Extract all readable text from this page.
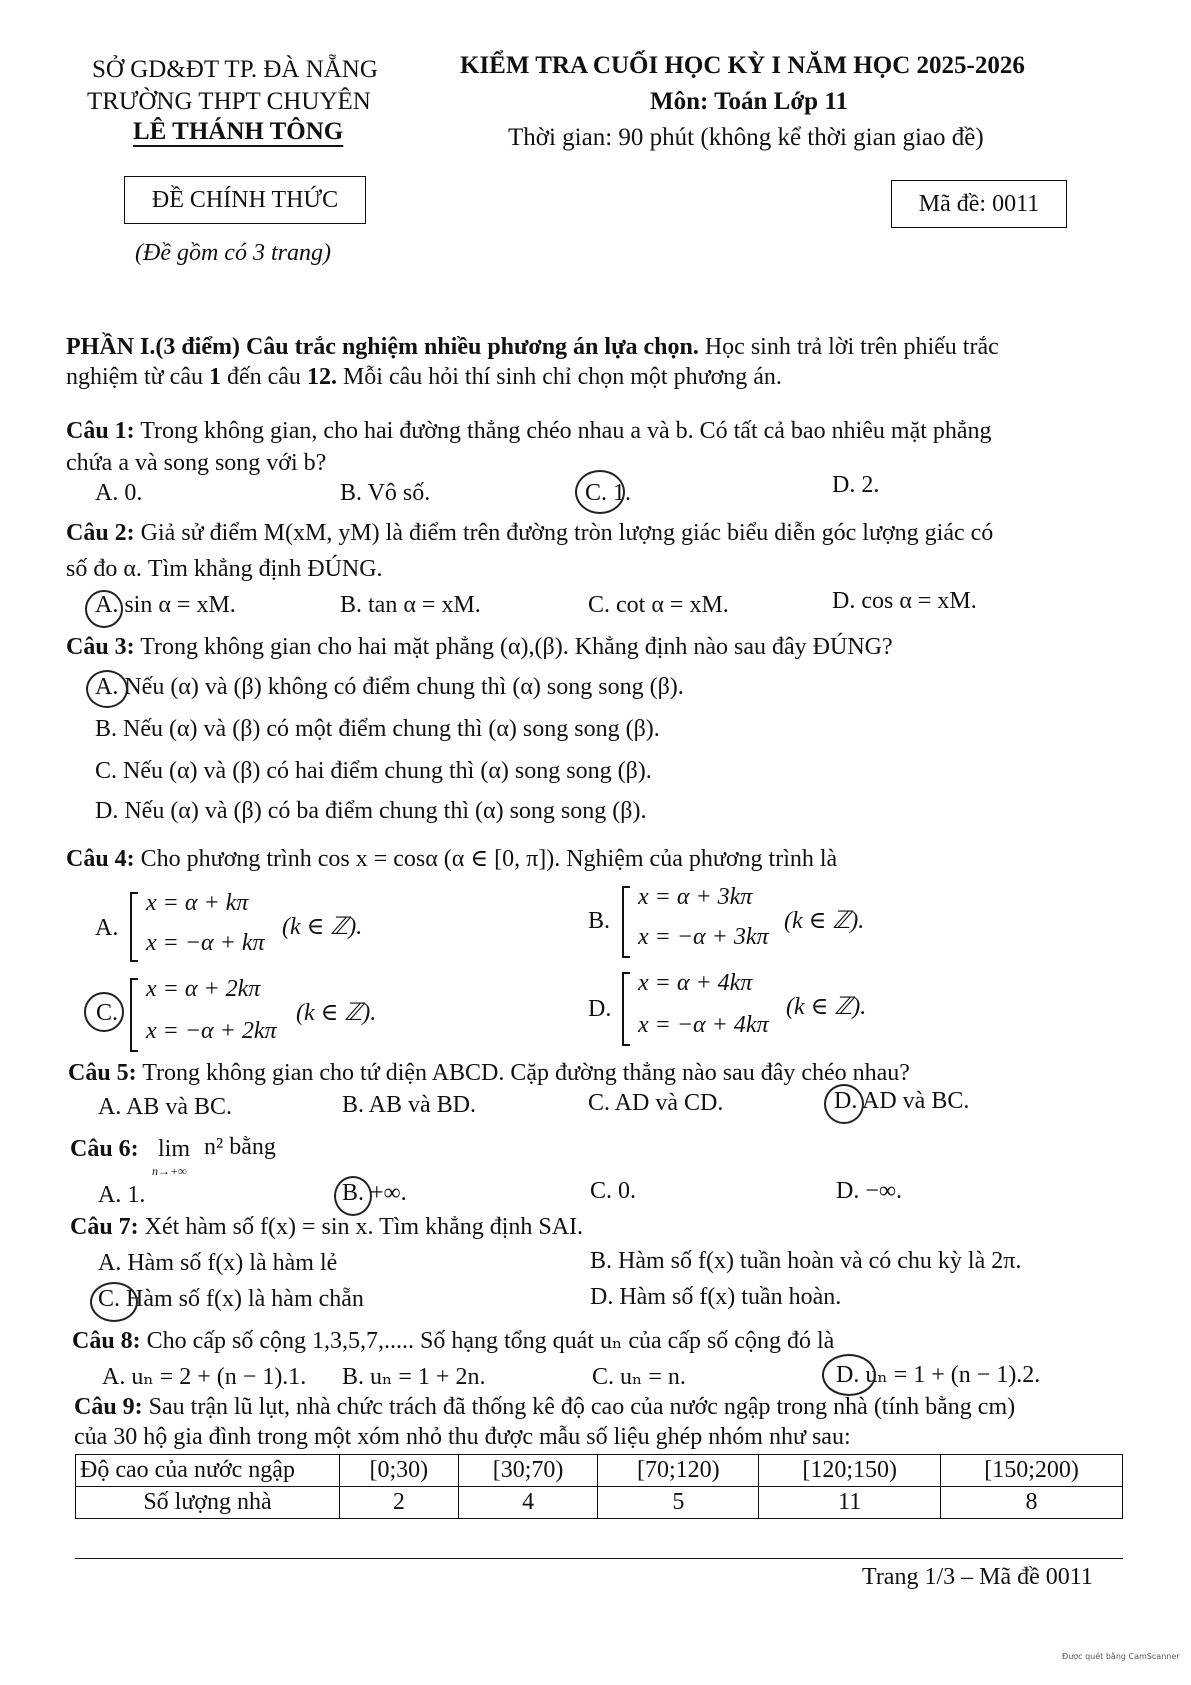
SỞ GD&ĐT TP. ĐÀ NẴNG
TRƯỜNG THPT CHUYÊN
LÊ THÁNH TÔNG
KIỂM TRA CUỐI HỌC KỲ I NĂM HỌC 2025-2026
Môn: Toán Lớp 11
Thời gian: 90 phút (không kể thời gian giao đề)
ĐỀ CHÍNH THỨC	Mã đề: 0011
(Đề gồm có 3 trang)
PHẦN I.(3 điểm) Câu trắc nghiệm nhiều phương án lựa chọn. Học sinh trả lời trên phiếu trắc
nghiệm từ câu 1 đến câu 12. Mỗi câu hỏi thí sinh chỉ chọn một phương án.
Câu 1: Trong không gian, cho hai đường thẳng chéo nhau a và b. Có tất cả bao nhiêu mặt phẳng
chứa a và song song với b?
A. 0.	B. Vô số.	C. 1.	D. 2.
Câu 2: Giả sử điểm M(xM, yM) là điểm trên đường tròn lượng giác biểu diễn góc lượng giác có
số đo α. Tìm khẳng định ĐÚNG.
A. sin α = xM.	B. tan α = xM.	C. cot α = xM.	D. cos α = xM.
Câu 3: Trong không gian cho hai mặt phẳng (α),(β). Khẳng định nào sau đây ĐÚNG?
A. Nếu (α) và (β) không có điểm chung thì (α) song song (β).
B. Nếu (α) và (β) có một điểm chung thì (α) song song (β).
C. Nếu (α) và (β) có hai điểm chung thì (α) song song (β).
D. Nếu (α) và (β) có ba điểm chung thì (α) song song (β).
Câu 4: Cho phương trình cos x = cosα (α ∈ [0, π]). Nghiệm của phương trình là
A.
x = α + kπ
x = −α + kπ
(k ∈ ℤ).	B.
x = α + 3kπ
x = −α + 3kπ
(k ∈ ℤ).
C.
x = α + 2kπ
x = −α + 2kπ
(k ∈ ℤ).	D.
x = α + 4kπ
x = −α + 4kπ
(k ∈ ℤ).
Câu 5: Trong không gian cho tứ diện ABCD. Cặp đường thẳng nào sau đây chéo nhau?
A. AB và BC.	B. AB và BD.	C. AD và CD.	D. AD và BC.
Câu 6: lim
n→+∞
n² bằng
A. 1.	B. +∞.	C. 0.	D. −∞.
Câu 7: Xét hàm số f(x) = sin x. Tìm khẳng định SAI.
A. Hàm số f(x) là hàm lẻ	B. Hàm số f(x) tuần hoàn và có chu kỳ là 2π.
C. Hàm số f(x) là hàm chẵn	D. Hàm số f(x) tuần hoàn.
Câu 8: Cho cấp số cộng 1,3,5,7,..... Số hạng tổng quát uₙ của cấp số cộng đó là
A. uₙ = 2 + (n − 1).1. B. uₙ = 1 + 2n.	C. uₙ = n.	D. uₙ = 1 + (n − 1).2.
Câu 9: Sau trận lũ lụt, nhà chức trách đã thống kê độ cao của nước ngập trong nhà (tính bằng cm)
của 30 hộ gia đình trong một xóm nhỏ thu được mẫu số liệu ghép nhóm như sau:
Độ cao của nước ngập	[0;30)	[30;70)	[70;120)	[120;150)	[150;200)
Số lượng nhà	2	4	5	11	8
Trang 1/3 – Mã đề 0011
Được quét bằng CamScanner
